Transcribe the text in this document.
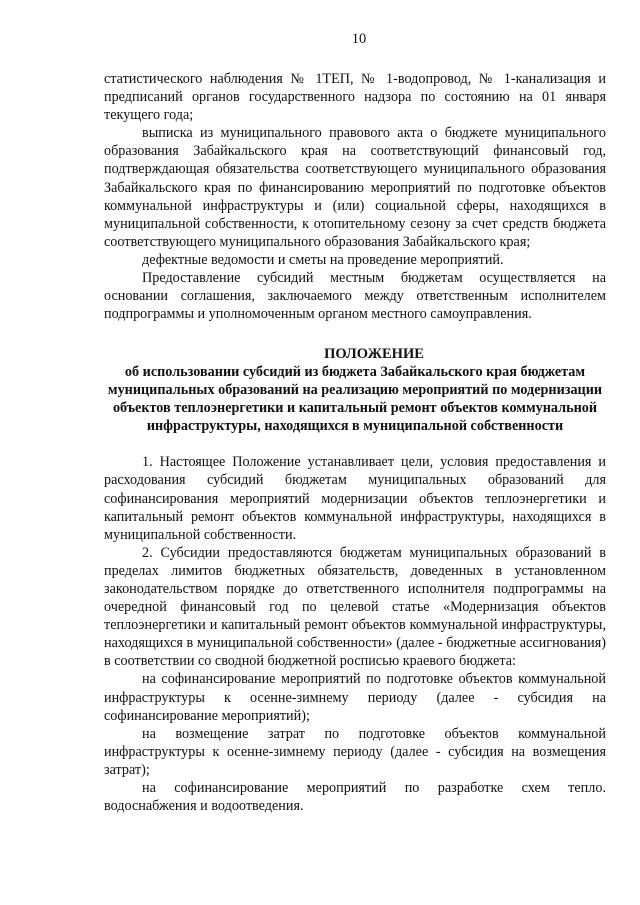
10

статистического наблюдения № 1ТЕП, № 1-водопровод, № 1-канализация и предписаний органов государственного надзора по состоянию на 01 января текущего года;

выписка из муниципального правового акта о бюджете муниципального образования Забайкальского края на соответствующий финансовый год, подтверждающая обязательства соответствующего муниципального образования Забайкальского края по финансированию мероприятий по подготовке объектов коммунальной инфраструктуры и (или) социальной сферы, находящихся в муниципальной собственности, к отопительному сезону за счет средств бюджета соответствующего муниципального образования Забайкальского края;

дефектные ведомости и сметы на проведение мероприятий.

Предоставление субсидий местным бюджетам осуществляется на основании соглашения, заключаемого между ответственным исполнителем подпрограммы и уполномоченным органом местного самоуправления.

ПОЛОЖЕНИЕ
об использовании субсидий из бюджета Забайкальского края бюджетам муниципальных образований на реализацию мероприятий по модернизации объектов теплоэнергетики и капитальный ремонт объектов коммунальной инфраструктуры, находящихся в муниципальной собственности

1. Настоящее Положение устанавливает цели, условия предоставления и расходования субсидий бюджетам муниципальных образований для софинансирования мероприятий модернизации объектов теплоэнергетики и капитальный ремонт объектов коммунальной инфраструктуры, находящихся в муниципальной собственности.

2. Субсидии предоставляются бюджетам муниципальных образований в пределах лимитов бюджетных обязательств, доведенных в установленном законодательством порядке до ответственного исполнителя подпрограммы на очередной финансовый год по целевой статье «Модернизация объектов теплоэнергетики и капитальный ремонт объектов коммунальной инфраструктуры, находящихся в муниципальной собственности» (далее - бюджетные ассигнования) в соответствии со сводной бюджетной росписью краевого бюджета:

на софинансирование мероприятий по подготовке объектов коммунальной инфраструктуры к осенне-зимнему периоду (далее - субсидия на софинансирование мероприятий);

на возмещение затрат по подготовке объектов коммунальной инфраструктуры к осенне-зимнему периоду (далее - субсидия на возмещения затрат);

на софинансирование мероприятий по разработке схем тепло. водоснабжения и водоотведения.
